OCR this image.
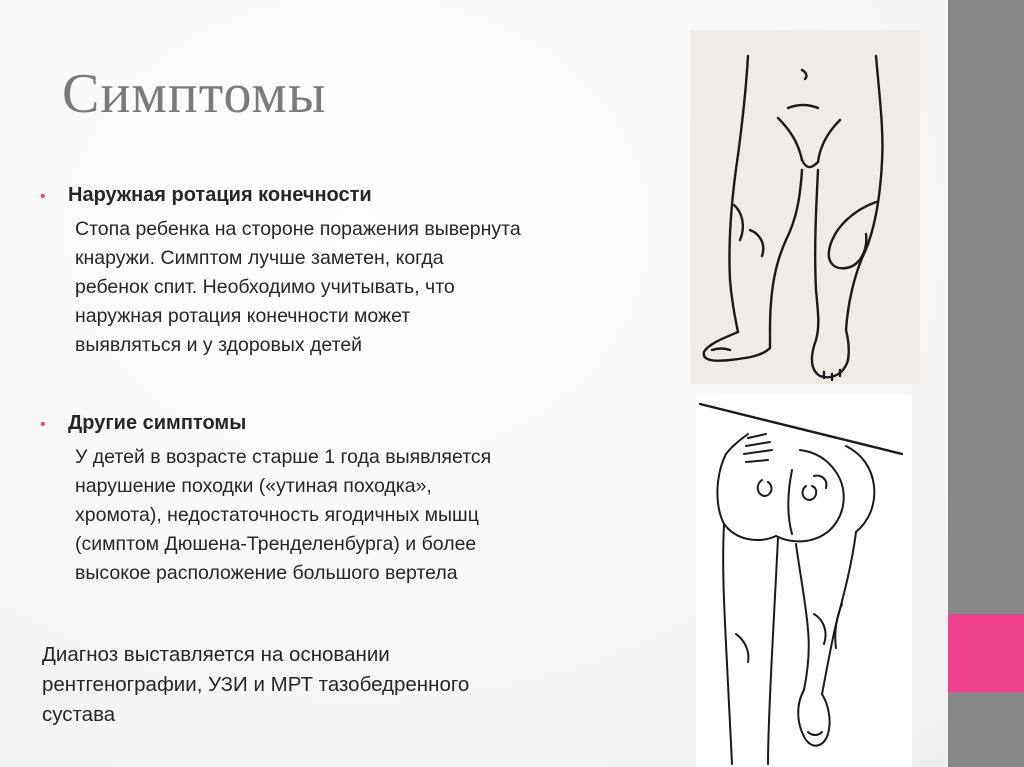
Симптомы
•	Наружная ротация конечности
Стопа ребенка на стороне поражения вывернута
кнаружи. Симптом лучше заметен, когда
ребенок спит. Необходимо учитывать, что
наружная ротация конечности может
выявляться и у здоровых детей
•	Другие симптомы
У детей в возрасте старше 1 года выявляется
нарушение походки («утиная походка»,
хромота), недостаточность ягодичных мышц
(симптом Дюшена-Тренделенбурга) и более
высокое расположение большого вертела

Диагноз выставляется на основании
рентгенографии, УЗИ и МРТ тазобедренного
сустава
